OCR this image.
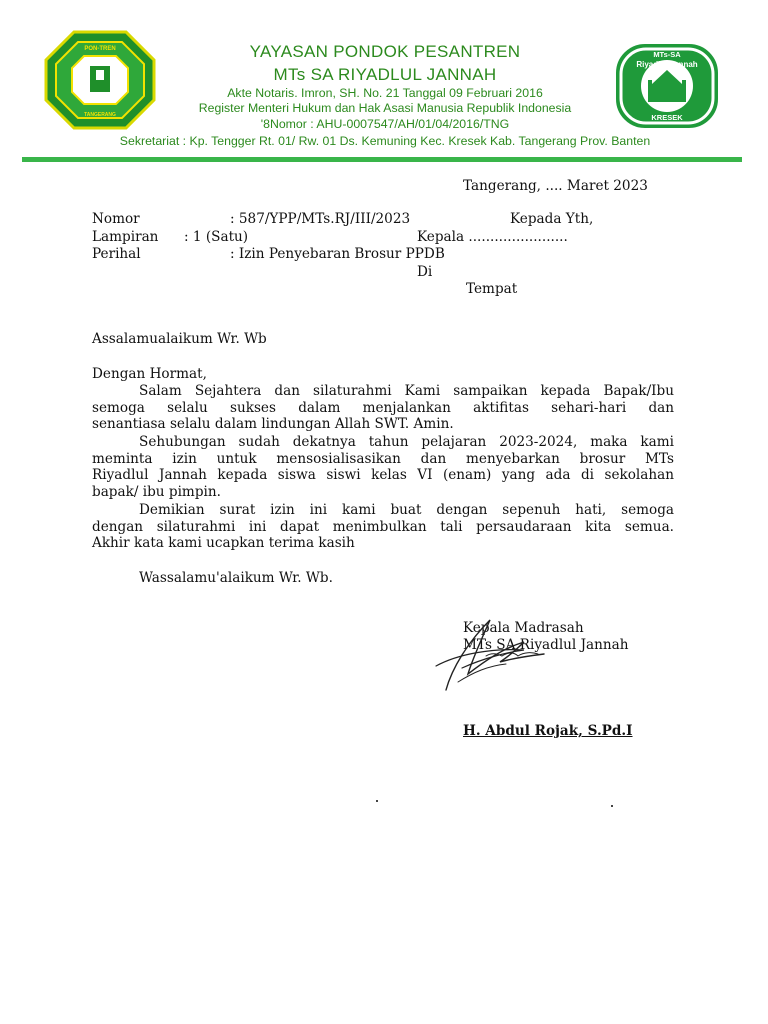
PON-TREN
TANGERANG
MTs-SA
Riyadlul Jannah
KRESEK
YAYASAN PONDOK PESANTREN
MTs SA RIYADLUL JANNAH
Akte Notaris. Imron, SH. No. 21 Tanggal 09 Februari 2016
Register Menteri Hukum dan Hak Asasi Manusia Republik Indonesia
'8Nomor : AHU-0007547/AH/01/04/2016/TNG
Sekretariat : Kp. Tengger Rt. 01/ Rw. 01 Ds. Kemuning Kec. Kresek Kab. Tangerang Prov. Banten
Tangerang, .... Maret 2023
Nomor	: 587/YPP/MTs.RJ/III/2023	Kepada Yth,
Lampiran : 1 (Satu)	Kepala .......................
Perihal	: Izin Penyebaran Brosur PPDB
Di
Tempat
Assalamualaikum Wr. Wb
Dengan Hormat,
Salam Sejahtera dan silaturahmi Kami sampaikan kepada Bapak/Ibu
semoga selalu sukses dalam menjalankan aktifitas sehari-hari dan
senantiasa selalu dalam lindungan Allah SWT. Amin.
Sehubungan sudah dekatnya tahun pelajaran 2023-2024, maka kami
meminta izin untuk mensosialisasikan dan menyebarkan brosur MTs
Riyadlul Jannah kepada siswa siswi kelas VI (enam) yang ada di sekolahan
bapak/ ibu pimpin.
Demikian surat izin ini kami buat dengan sepenuh hati, semoga
dengan silaturahmi ini dapat menimbulkan tali persaudaraan kita semua.
Akhir kata kami ucapkan terima kasih
Wassalamu'alaikum Wr. Wb.
Kepala Madrasah
MTs SA Riyadlul Jannah
H. Abdul Rojak, S.Pd.I
